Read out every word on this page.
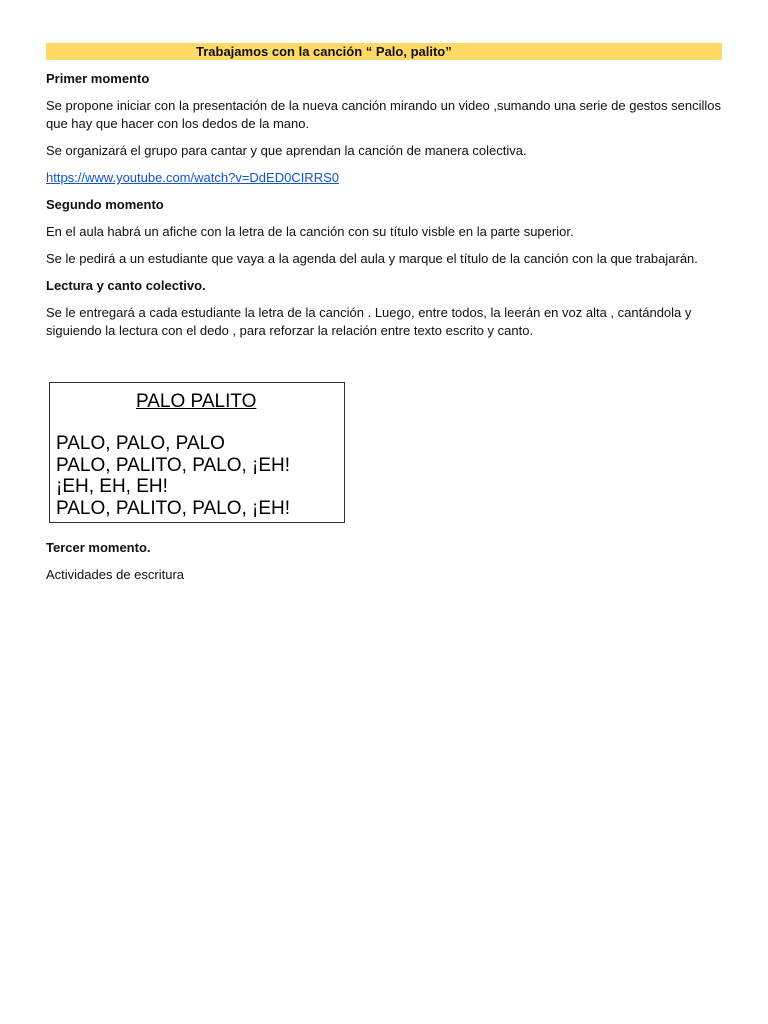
Trabajamos con la canción “ Palo, palito”

Primer momento

Se propone iniciar con la presentación de la nueva canción mirando un video ,sumando una serie de gestos sencillos que hay que hacer con los dedos de la mano.

Se organizará el grupo para cantar y que aprendan la canción de manera colectiva.

https://www.youtube.com/watch?v=DdED0CIRRS0

Segundo momento

En el aula habrá un afiche con la letra de la canción con su título visble en la parte superior.

Se le pedirá a un estudiante que vaya a la agenda del aula y marque el título de la canción con la que trabajarán.

Lectura y canto colectivo.

Se le entregará a cada estudiante la letra de la canción . Luego, entre todos, la leerán en voz alta , cantándola y siguiendo la lectura con el dedo , para reforzar la relación entre texto escrito y canto.

PALO PALITO
PALO, PALO, PALO
PALO, PALITO, PALO, ¡EH!
¡EH, EH, EH!
PALO, PALITO, PALO, ¡EH!

Tercer momento.

Actividades de escritura
